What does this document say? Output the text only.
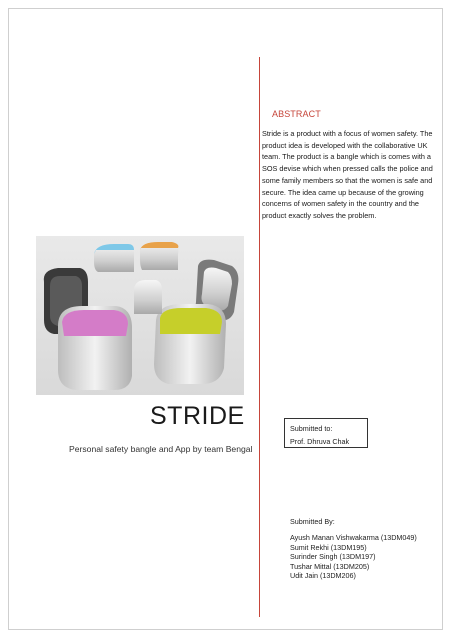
ABSTRACT
Stride is a product with a focus of women safety. The product idea is developed with the collaborative UK team. The product is a bangle which is comes with a SOS devise which when pressed calls the police and some family members so that the women is safe and secure. The idea came up because of the growing concerns of women safety in the country and the product exactly solves the problem.
STRIDE
Personal safety bangle and App by team Bengal
Submitted to:
Prof. Dhruva Chak
Submitted By:
Ayush Manan Vishwakarma (13DM049)
Sumit Rekhi (13DM195)
Surinder Singh (13DM197)
Tushar Mittal (13DM205)
Udit Jain (13DM206)
